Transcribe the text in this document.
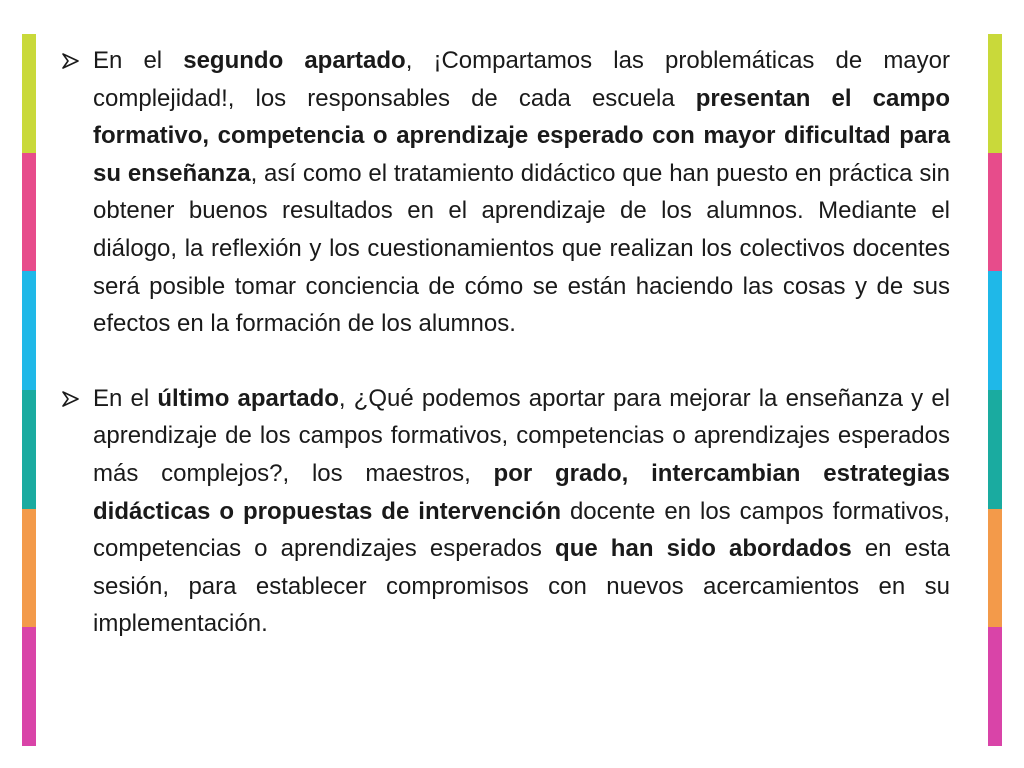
En el segundo apartado, ¡Compartamos las problemáticas de mayor complejidad!, los responsables de cada escuela presentan el campo formativo, competencia o aprendizaje esperado con mayor dificultad para su enseñanza, así como el tratamiento didáctico que han puesto en práctica sin obtener buenos resultados en el aprendizaje de los alumnos. Mediante el diálogo, la reflexión y los cuestionamientos que realizan los colectivos docentes será posible tomar conciencia de cómo se están haciendo las cosas y de sus efectos en la formación de los alumnos.
En el último apartado, ¿Qué podemos aportar para mejorar la enseñanza y el aprendizaje de los campos formativos, competencias o aprendizajes esperados más complejos?, los maestros, por grado, intercambian estrategias didácticas o propuestas de intervención docente en los campos formativos, competencias o aprendizajes esperados que han sido abordados en esta sesión, para establecer compromisos con nuevos acercamientos en su implementación.
